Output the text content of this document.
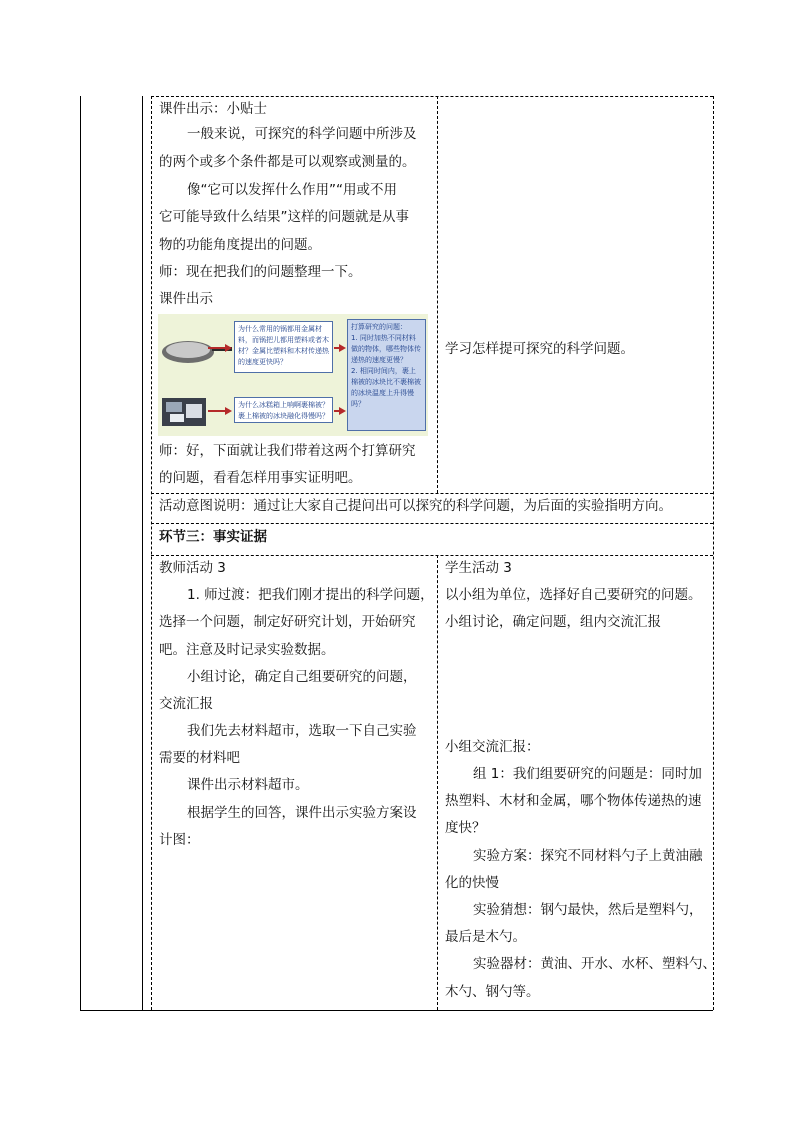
课件出示：小贴士
一般来说，可探究的科学问题中所涉及
的两个或多个条件都是可以观察或测量的。
像“它可以发挥什么作用”“用或不用
它可能导致什么结果”这样的问题就是从事
物的功能角度提出的问题。
师：现在把我们的问题整理一下。
课件出示
为什么常用的锅都用金属材料，而锅把儿都用塑料或者木材？金属比塑料和木材传递热的速度更快吗？
为什么冰糕箱上响啊裹棉被？裹上棉被的冰块融化得慢吗？
打算研究的问题：
1. 同时加热不同材料做的物体，哪些物体传递热的速度更慢？
2. 相同时间内，裹上棉被的冰块比不裹棉被的冰块温度上升得慢吗？
师：好，下面就让我们带着这两个打算研究
的问题，看看怎样用事实证明吧。
学习怎样提可探究的科学问题。
活动意图说明：通过让大家自己提问出可以探究的科学问题，为后面的实验指明方向。
环节三：事实证据
教师活动 3
1. 师过渡：把我们刚才提出的科学问题，
选择一个问题，制定好研究计划，开始研究
吧。注意及时记录实验数据。
小组讨论，确定自己组要研究的问题，
交流汇报
我们先去材料超市，选取一下自己实验
需要的材料吧
课件出示材料超市。
根据学生的回答，课件出示实验方案设
计图：
学生活动 3
以小组为单位，选择好自己要研究的问题。
小组讨论，确定问题，组内交流汇报
小组交流汇报：
组 1：我们组要研究的问题是：同时加
热塑料、木材和金属，哪个物体传递热的速
度快？
实验方案：探究不同材料勺子上黄油融
化的快慢
实验猜想：钢勺最快，然后是塑料勺，
最后是木勺。
实验器材：黄油、开水、水杯、塑料勺、
木勺、钢勺等。
